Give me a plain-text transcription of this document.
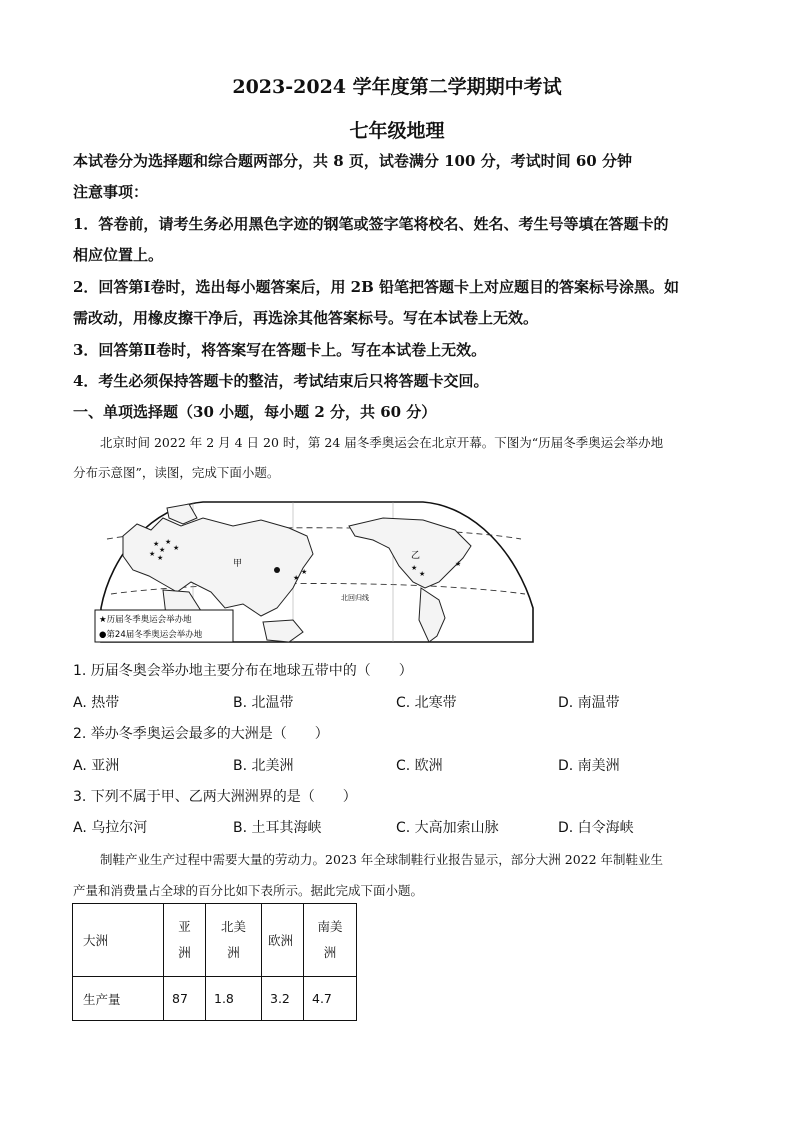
2023-2024 学年度第二学期期中考试
七年级地理
本试卷分为选择题和综合题两部分，共 8 页，试卷满分 100 分，考试时间 60 分钟
注意事项：
1．答卷前，请考生务必用黑色字迹的钢笔或签字笔将校名、姓名、考生号等填在答题卡的
相应位置上。
2．回答第Ⅰ卷时，选出每小题答案后，用 2B 铅笔把答题卡上对应题目的答案标号涂黑。如
需改动，用橡皮擦干净后，再选涂其他答案标号。写在本试卷上无效。
3．回答第Ⅱ卷时，将答案写在答题卡上。写在本试卷上无效。
4．考生必须保持答题卡的整洁，考试结束后只将答题卡交回。
一、单项选择题（30 小题，每小题 2 分，共 60 分）
北京时间 2022 年 2 月 4 日 20 时，第 24 届冬季奥运会在北京开幕。下图为“历届冬季奥运会举办地
分布示意图”，读图，完成下面小题。
★
★
★
★
★
★
★
★	★
★
★
甲
乙
北回归线
★历届冬季奥运会举办地
●第24届冬季奥运会举办地
1. 历届冬奥会举办地主要分布在地球五带中的（　　）
A. 热带	B. 北温带	C. 北寒带	D. 南温带
2. 举办冬季奥运会最多的大洲是（　　）
A. 亚洲	B. 北美洲	C. 欧洲	D. 南美洲
3. 下列不属于甲、乙两大洲洲界的是（　　）
A. 乌拉尔河	B. 土耳其海峡	C. 大高加索山脉	D. 白令海峡
制鞋产业生产过程中需要大量的劳动力。2023 年全球制鞋行业报告显示，部分大洲 2022 年制鞋业生
产量和消费量占全球的百分比如下表所示。据此完成下面小题。
大洲	亚洲	北美洲	欧洲	南美洲

生产量	87	1.8	3.2	4.7
